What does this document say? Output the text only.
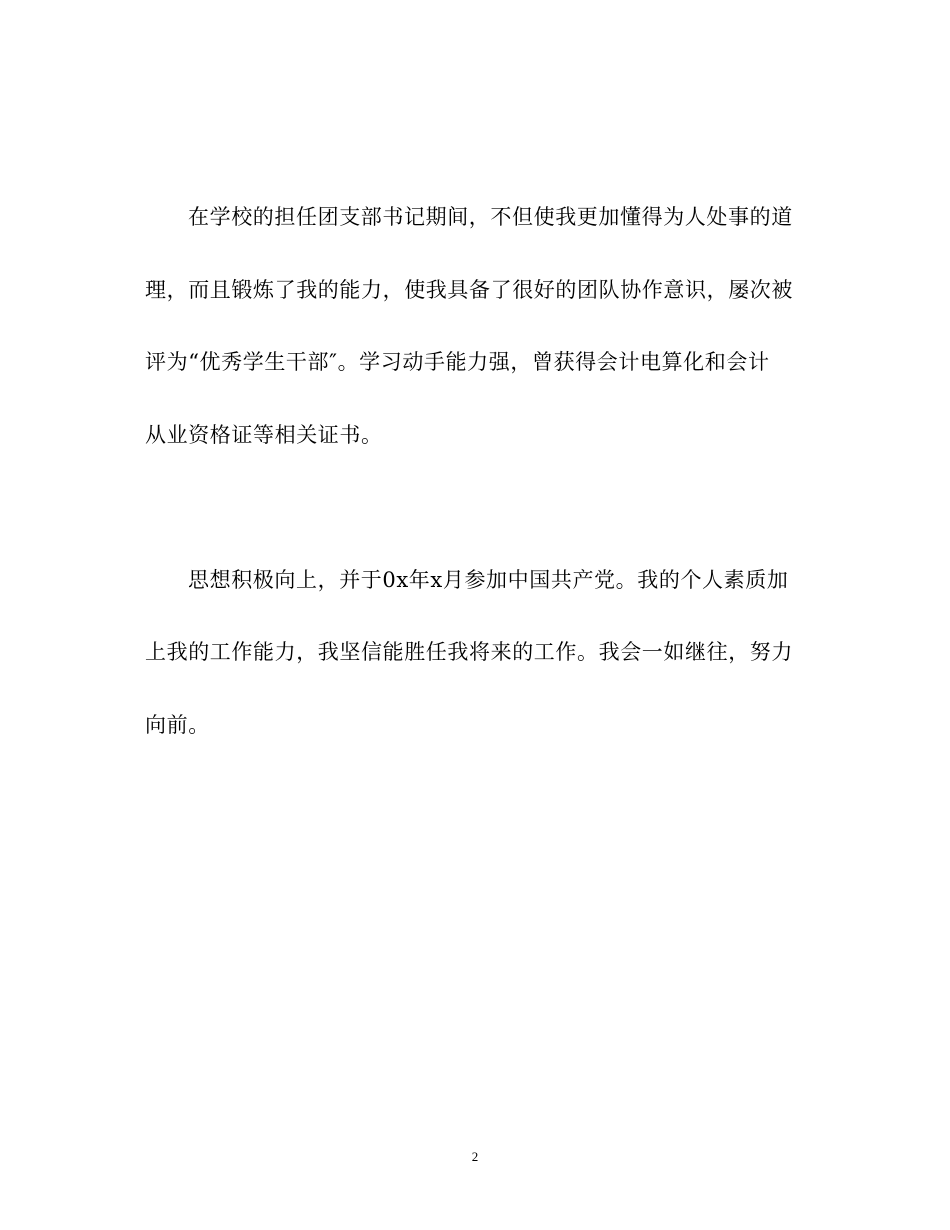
在学校的担任团支部书记期间，不但使我更加懂得为人处事的道
理，而且锻炼了我的能力，使我具备了很好的团队协作意识，屡次被
评为“优秀学生干部″。学习动手能力强，曾获得会计电算化和会计
从业资格证等相关证书。
思想积极向上，并于0x年x月参加中国共产党。我的个人素质加
上我的工作能力，我坚信能胜任我将来的工作。我会一如继往，努力
向前。
2
